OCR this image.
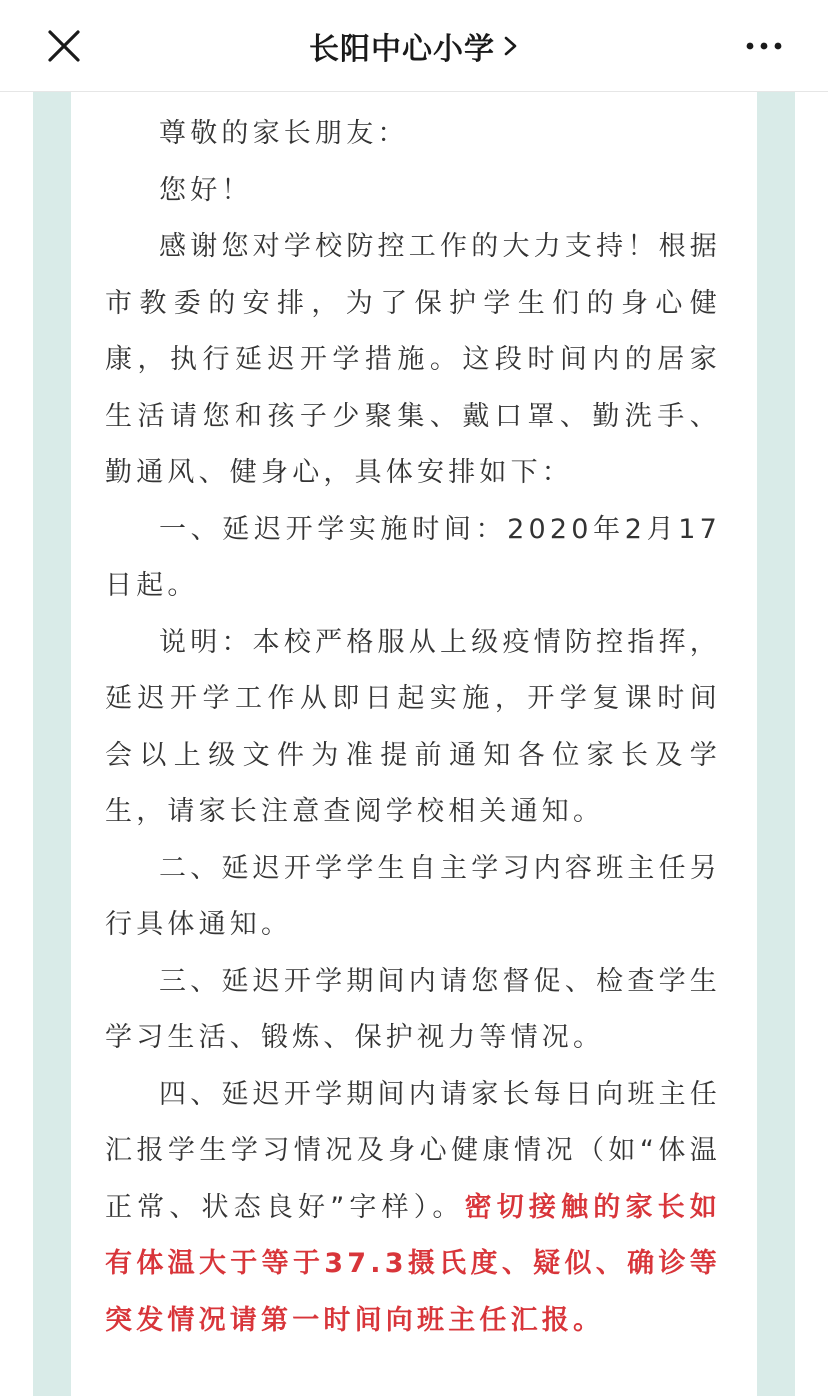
长阳中心小学

尊敬的家长朋友：

您好！

感谢您对学校防控工作的大力支持！根据市教委的安排，为了保护学生们的身心健康，执行延迟开学措施。这段时间内的居家生活请您和孩子少聚集、戴口罩、勤洗手、勤通风、健身心，具体安排如下：

一、延迟开学实施时间：2020年2月17日起。

说明：本校严格服从上级疫情防控指挥，延迟开学工作从即日起实施，开学复课时间会以上级文件为准提前通知各位家长及学生，请家长注意查阅学校相关通知。

二、延迟开学学生自主学习内容班主任另行具体通知。

三、延迟开学期间内请您督促、检查学生学习生活、锻炼、保护视力等情况。

四、延迟开学期间内请家长每日向班主任汇报学生学习情况及身心健康情况（如“体温正常、状态良好”字样）。密切接触的家长如有体温大于等于37.3摄氏度、疑似、确诊等突发情况请第一时间向班主任汇报。
